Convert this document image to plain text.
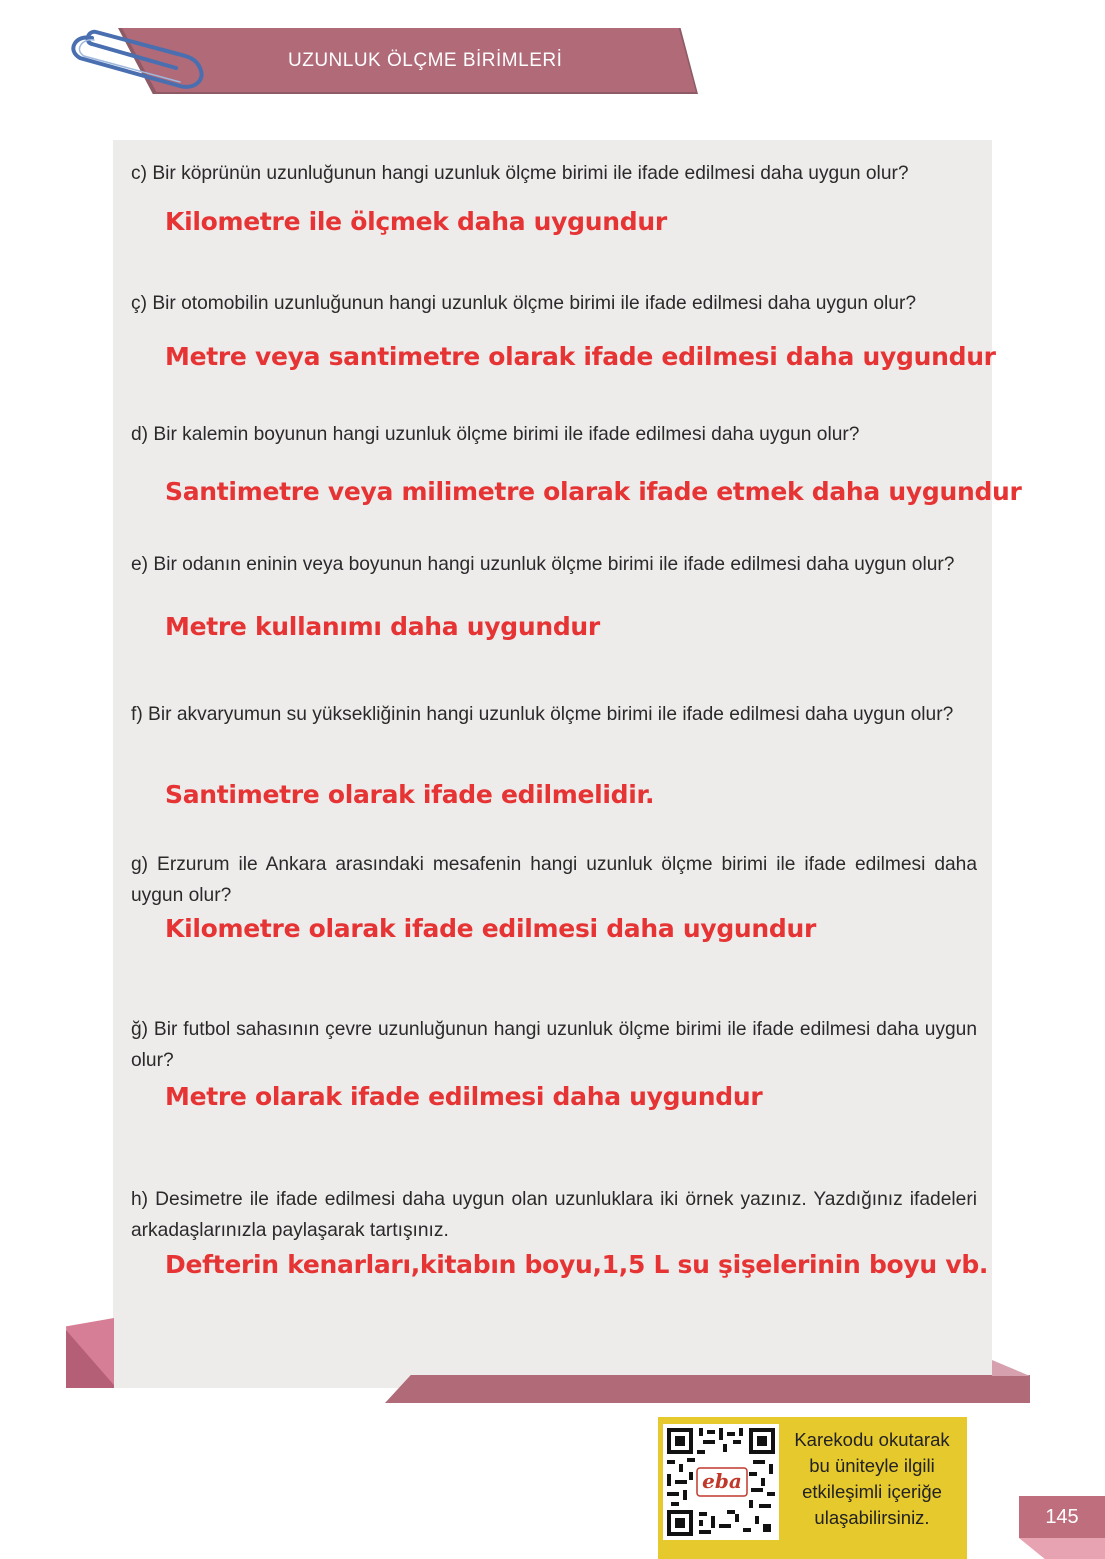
UZUNLUK ÖLÇME BİRİMLERİ
c) Bir köprünün uzunluğunun hangi uzunluk ölçme birimi ile ifade edilmesi daha uygun olur?
Kilometre ile ölçmek daha uygundur
ç) Bir otomobilin uzunluğunun hangi uzunluk ölçme birimi ile ifade edilmesi daha uygun olur?
Metre veya santimetre olarak ifade edilmesi daha uygundur
d) Bir kalemin boyunun hangi uzunluk ölçme birimi ile ifade edilmesi daha uygun olur?
Santimetre veya milimetre olarak ifade etmek daha uygundur
e) Bir odanın eninin veya boyunun hangi uzunluk ölçme birimi ile ifade edilmesi daha uygun olur?
Metre kullanımı daha uygundur
f) Bir akvaryumun su yüksekliğinin hangi uzunluk ölçme birimi ile ifade edilmesi daha uygun olur?
Santimetre olarak ifade edilmelidir.
g) Erzurum ile Ankara arasındaki mesafenin hangi uzunluk ölçme birimi ile ifade edilmesi daha uygun olur?
Kilometre olarak ifade edilmesi daha uygundur
ğ) Bir futbol sahasının çevre uzunluğunun hangi uzunluk ölçme birimi ile ifade edilmesi daha uygun olur?
Metre olarak ifade edilmesi daha uygundur
h) Desimetre ile ifade edilmesi daha uygun olan uzunluklara iki örnek yazınız. Yazdığınız ifadeleri arkadaşlarınızla paylaşarak tartışınız.
Defterin kenarları,kitabın boyu,1,5 L su şişelerinin boyu vb.
eba
Karekodu okutarak
bu üniteyle ilgili
etkileşimli içeriğe
ulaşabilirsiniz.	145
